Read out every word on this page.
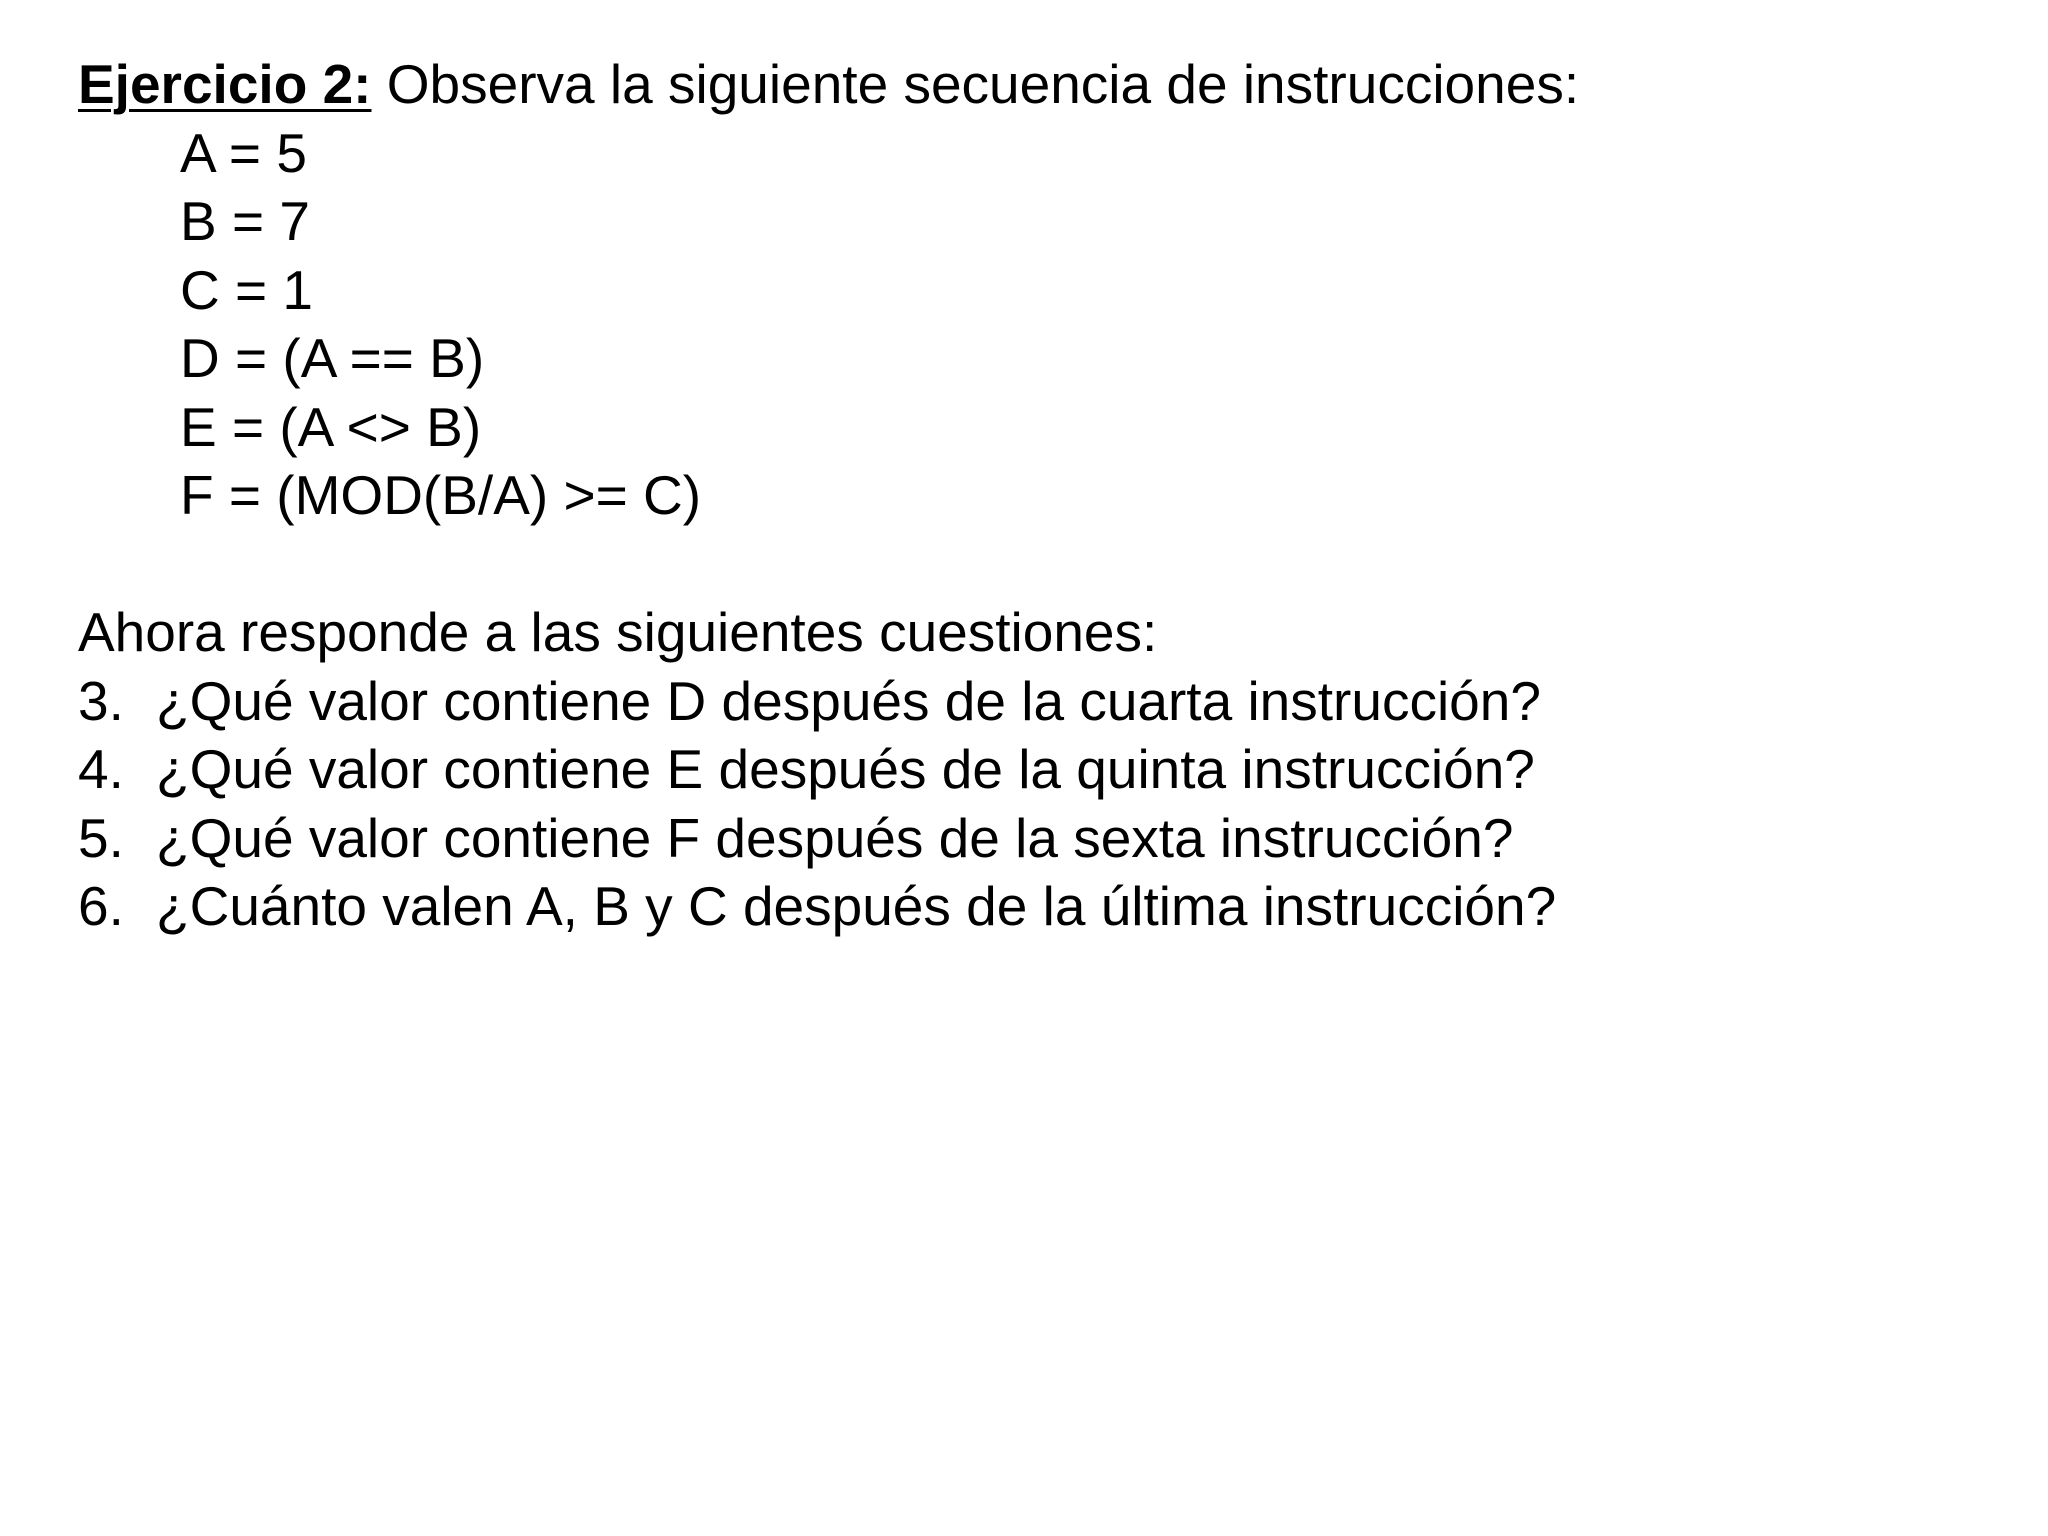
Ejercicio 2: Observa la siguiente secuencia de instrucciones:
A = 5
B = 7
C = 1
D = (A == B)
E = (A <> B)
F = (MOD(B/A) >= C)
Ahora responde a las siguientes cuestiones:
3. ¿Qué valor contiene D después de la cuarta instrucción?
4. ¿Qué valor contiene E después de la quinta instrucción?
5. ¿Qué valor contiene F después de la sexta instrucción?
6. ¿Cuánto valen A, B y C después de la última instrucción?
